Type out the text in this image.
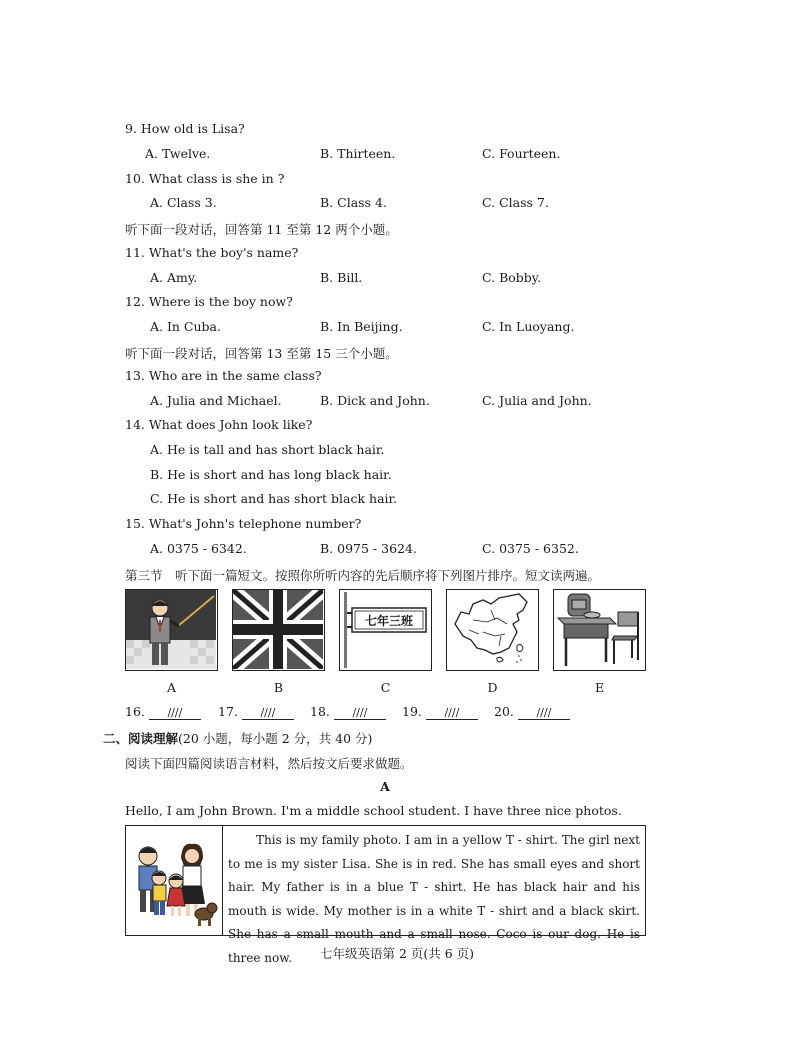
9. How old is Lisa?
A. Twelve.	B. Thirteen.	C. Fourteen.
10. What class is she in ?
A. Class 3.	B. Class 4.	C. Class 7.
听下面一段对话，回答第 11 至第 12 两个小题。
11. What's the boy's name?
A. Amy.	B. Bill.	C. Bobby.
12. Where is the boy now?
A. In Cuba.	B. In Beijing.	C. In Luoyang.
听下面一段对话，回答第 13 至第 15 三个小题。
13. Who are in the same class?
A. Julia and Michael.	B. Dick and John.	C. Julia and John.
14. What does John look like?
A. He is tall and has short black hair.
B. He is short and has long black hair.
C. He is short and has short black hair.
15. What's John's telephone number?
A. 0375 - 6342.	B. 0975 - 3624.	C. 0375 - 6352.
第三节　听下面一篇短文。按照你所听内容的先后顺序将下列图片排序。短文读两遍。
A	B
七年三班
C	D	E
16. ////	17. ////	18. ////	19. ////	20. ////
二、阅读理解(20 小题，每小题 2 分，共 40 分)
阅读下面四篇阅读语言材料，然后按文后要求做题。
A
Hello, I am John Brown. I'm a middle school student. I have three nice photos.
This is my family photo. I am in a yellow T - shirt. The girl next to me is my sister Lisa. She is in red. She has small eyes and short hair. My father is in a blue T - shirt. He has black hair and his mouth is wide. My mother is in a white T - shirt and a black skirt. She has a small mouth and a small nose. Coco is our dog. He is three now.	七年级英语第 2 页(共 6 页)
